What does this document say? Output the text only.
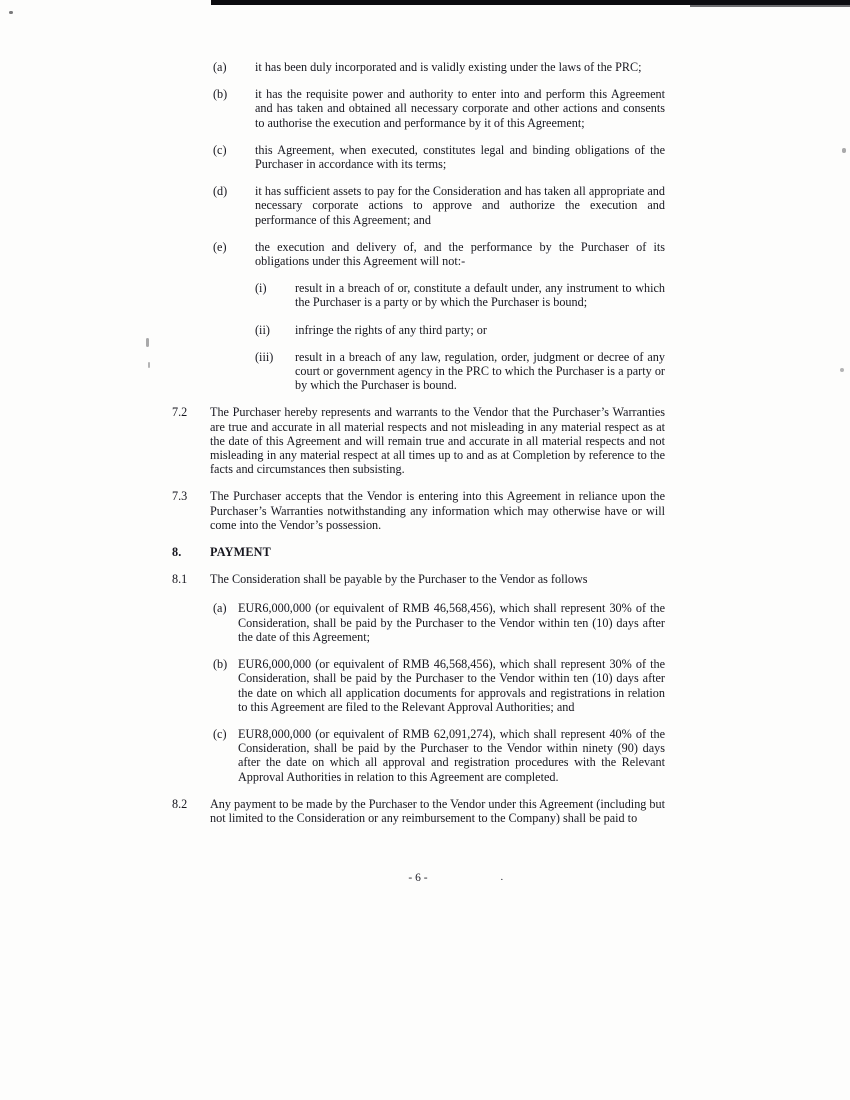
(a)	it has been duly incorporated and is validly existing under the laws of the PRC;

(b)	it has the requisite power and authority to enter into and perform this Agreement and has taken and obtained all necessary corporate and other actions and consents to authorise the execution and performance by it of this Agreement;

(c)	this Agreement, when executed, constitutes legal and binding obligations of the Purchaser in accordance with its terms;

(d)	it has sufficient assets to pay for the Consideration and has taken all appropriate and necessary corporate actions to approve and authorize the execution and performance of this Agreement; and

(e)	the execution and delivery of, and the performance by the Purchaser of its obligations under this Agreement will not:-

(i)	result in a breach of or, constitute a default under, any instrument to which the Purchaser is a party or by which the Purchaser is bound;

(ii)	infringe the rights of any third party; or

(iii)	result in a breach of any law, regulation, order, judgment or decree of any court or government agency in the PRC to which the Purchaser is a party or by which the Purchaser is bound.

7.2	The Purchaser hereby represents and warrants to the Vendor that the Purchaser’s Warranties are true and accurate in all material respects and not misleading in any material respect as at the date of this Agreement and will remain true and accurate in all material respects and not misleading in any material respect at all times up to and as at Completion by reference to the facts and circumstances then subsisting.

7.3	The Purchaser accepts that the Vendor is entering into this Agreement in reliance upon the Purchaser’s Warranties notwithstanding any information which may otherwise have or will come into the Vendor’s possession.

8.	PAYMENT

8.1	The Consideration shall be payable by the Purchaser to the Vendor as follows

(a) EUR6,000,000 (or equivalent of RMB 46,568,456), which shall represent 30% of the Consideration, shall be paid by the Purchaser to the Vendor within ten (10) days after the date of this Agreement;

(b) EUR6,000,000 (or equivalent of RMB 46,568,456), which shall represent 30% of the Consideration, shall be paid by the Purchaser to the Vendor within ten (10) days after the date on which all application documents for approvals and registrations in relation to this Agreement are filed to the Relevant Approval Authorities; and

(c) EUR8,000,000 (or equivalent of RMB 62,091,274), which shall represent 40% of the Consideration, shall be paid by the Purchaser to the Vendor within ninety (90) days after the date on which all approval and registration procedures with the Relevant Approval Authorities in relation to this Agreement are completed.

8.2	Any payment to be made by the Purchaser to the Vendor under this Agreement (including but not limited to the Consideration or any reimbursement to the Company) shall be paid to

- 6 -	·
